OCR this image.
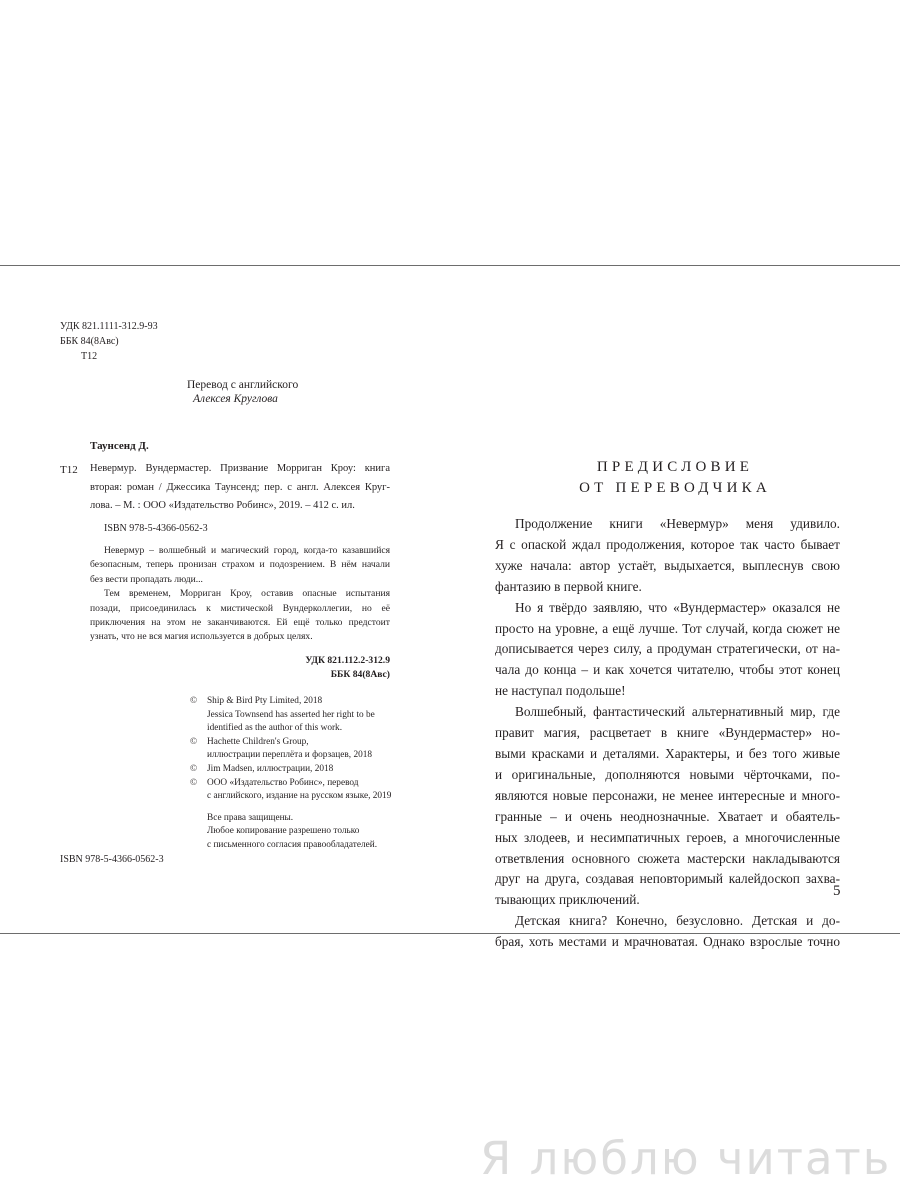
УДК 821.1111-312.9-93
ББК 84(8Авс)
Т12
Перевод с английского
Алексея Круглова
Таунсенд Д.
Т12 Невермур. Вундермастер. Призвание Морриган Кроу: книга
вторая: роман / Джессика Таунсенд; пер. с англ. Алексея Круг-
лова. – М. : ООО «Издательство Робинс», 2019. – 412 с. ил.
ISBN 978-5-4366-0562-3

Невермур – волшебный и магический город, когда-то казавшийся
безопасным, теперь пронизан страхом и подозрением. В нём начали
без вести пропадать люди...

Тем временем, Морриган Кроу, оставив опасные испытания
позади, присоединилась к мистической Вундерколлегии, но её
приключения на этом не заканчиваются. Ей ещё только предстоит
узнать, что не вся магия используется в добрых целях.

УДК 821.112.2-312.9
ББК 84(8Авс)
© Ship & Bird Pty Limited, 2018
Jessica Townsend has asserted her right to be
identified as the author of this work.
© Hachette Children's Group,
иллюстрации переплёта и форзацев, 2018
© Jim Madsen, иллюстрации, 2018
© ООО «Издательство Робинс», перевод
с английского, издание на русском языке, 2019
Все права защищены.
Любое копирование разрешено только
с письменного согласия правообладателей.
ISBN 978-5-4366-0562-3
ПРЕДИСЛОВИЕ
ОТ ПЕРЕВОДЧИКА

Продолжение книги «Невермур» меня удивило.
Я с опаской ждал продолжения, которое так часто бывает
хуже начала: автор устаёт, выдыхается, выплеснув свою
фантазию в первой книге.

Но я твёрдо заявляю, что «Вундермастер» оказался не
просто на уровне, а ещё лучше. Тот случай, когда сюжет не
дописывается через силу, а продуман стратегически, от на-
чала до конца – и как хочется читателю, чтобы этот конец
не наступал подольше!

Волшебный, фантастический альтернативный мир, где
правит магия, расцветает в книге «Вундермастер» но-
выми красками и деталями. Характеры, и без того живые
и оригинальные, дополняются новыми чёрточками, по-
являются новые персонажи, не менее интересные и много-
гранные – и очень неоднозначные. Хватает и обаятель-
ных злодеев, и несимпатичных героев, а многочисленные
ответвления основного сюжета мастерски накладываются
друг на друга, создавая неповторимый калейдоскоп захва-
тывающих приключений.

Детская книга? Конечно, безусловно. Детская и до-
брая, хоть местами и мрачноватая. Однако взрослые точно

5
Я люблю читать
